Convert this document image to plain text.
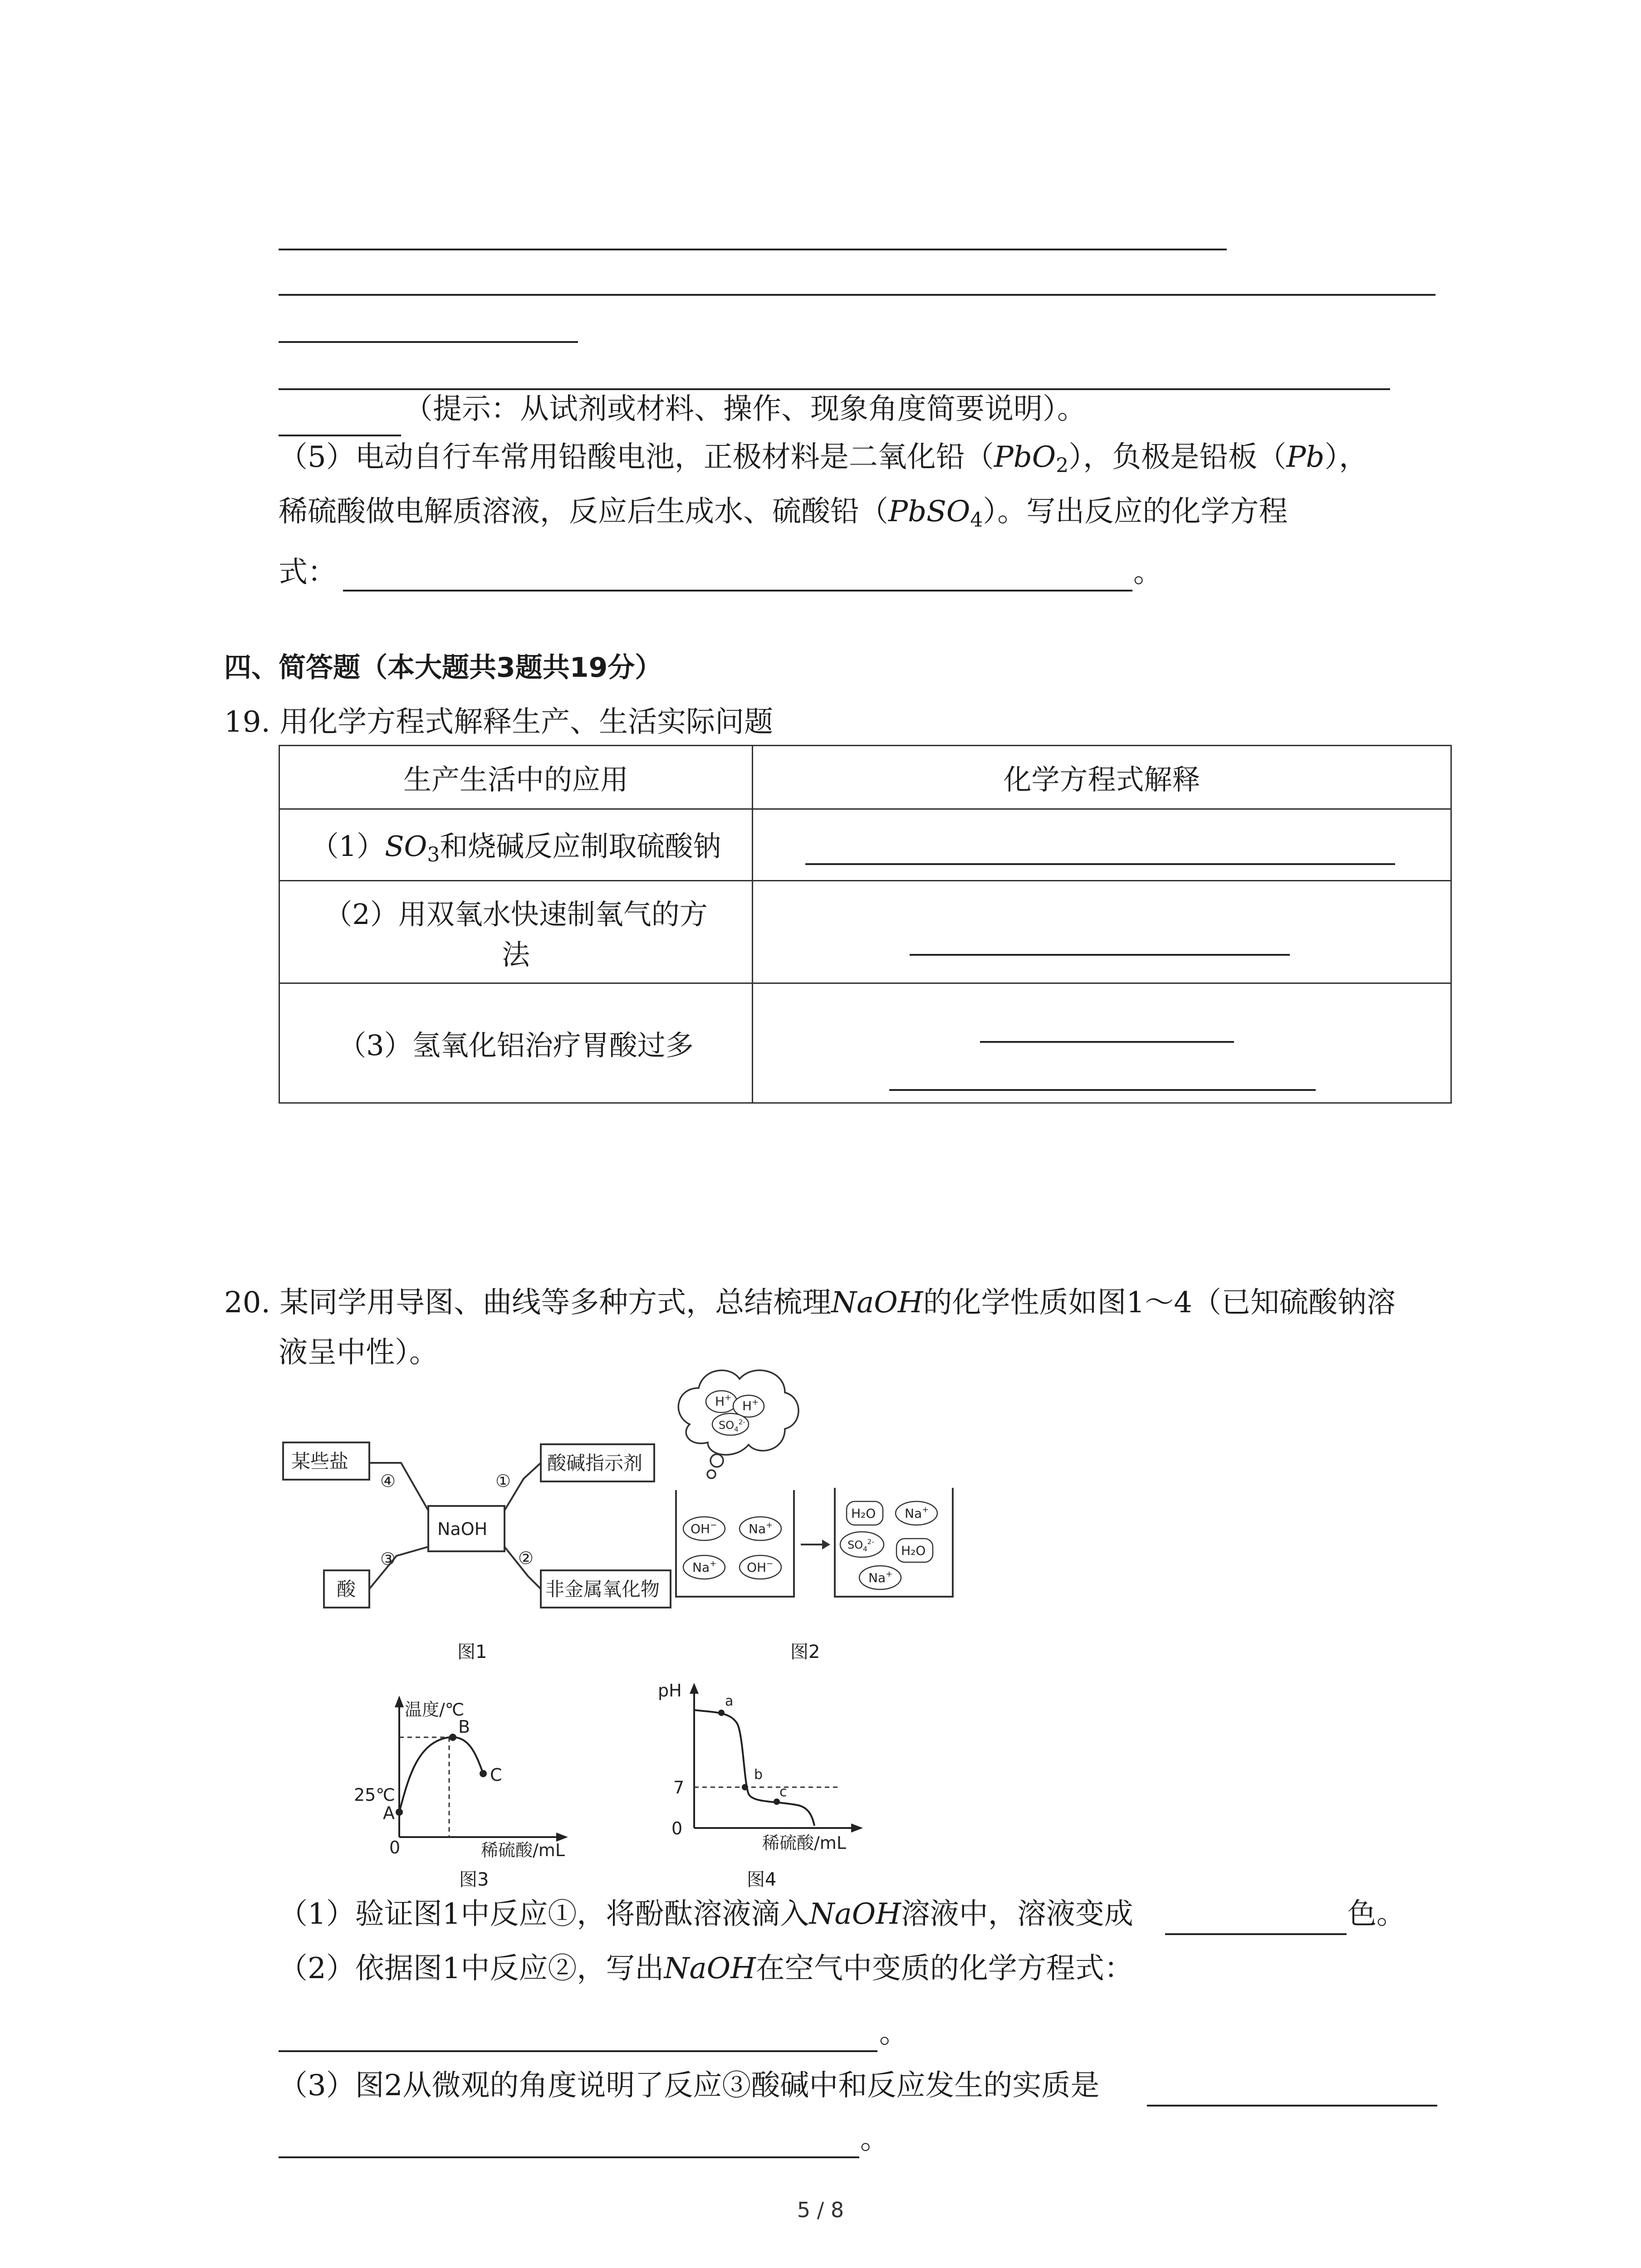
（提示：从试剂或材料、操作、现象角度简要说明）。
（5）电动自行车常用铅酸电池，正极材料是二氧化铅（PbO$_2$），负极是铅板（Pb），
稀硫酸做电解质溶液，反应后生成水、硫酸铅（PbSO$_4$）。写出反应的化学方程
式：	。
四、简答题（本大题共3题共19分）
19. 用化学方程式解释生产、生活实际问题
生产生活中的应用	化学方程式解释
$(1)SO_3$和烧碱反应制取硫酸钠	

（2）用双氧水快速制氧气的方
法	

（3）氢氧化铝治疗胃酸过多	
20. 某同学用导图、曲线等多种方式，总结梳理NaOH的化学性质如图1～4（已知硫酸钠溶
液呈中性）。
某些盐	酸碱指示剂
NaOH
酸	非金属氧化物
④	①
③	②
图1
H+
H+
$SO_4^{2-}$
OH− Na+
Na+ OH−
H₂O Na+
$SO_4^{2-}$
H₂O
Na+
图2
温度/℃
25℃
A
B
C
0	稀硫酸/mL
图3
pH
7
0
a
b
c
稀硫酸/mL
图4
（1）验证图1中反应①，将酚酞溶液滴入NaOH溶液中，溶液变成	色。
（2）依据图1中反应②，写出NaOH在空气中变质的化学方程式：
。
（3）图2从微观的角度说明了反应③酸碱中和反应发生的实质是
。
5 / 8
